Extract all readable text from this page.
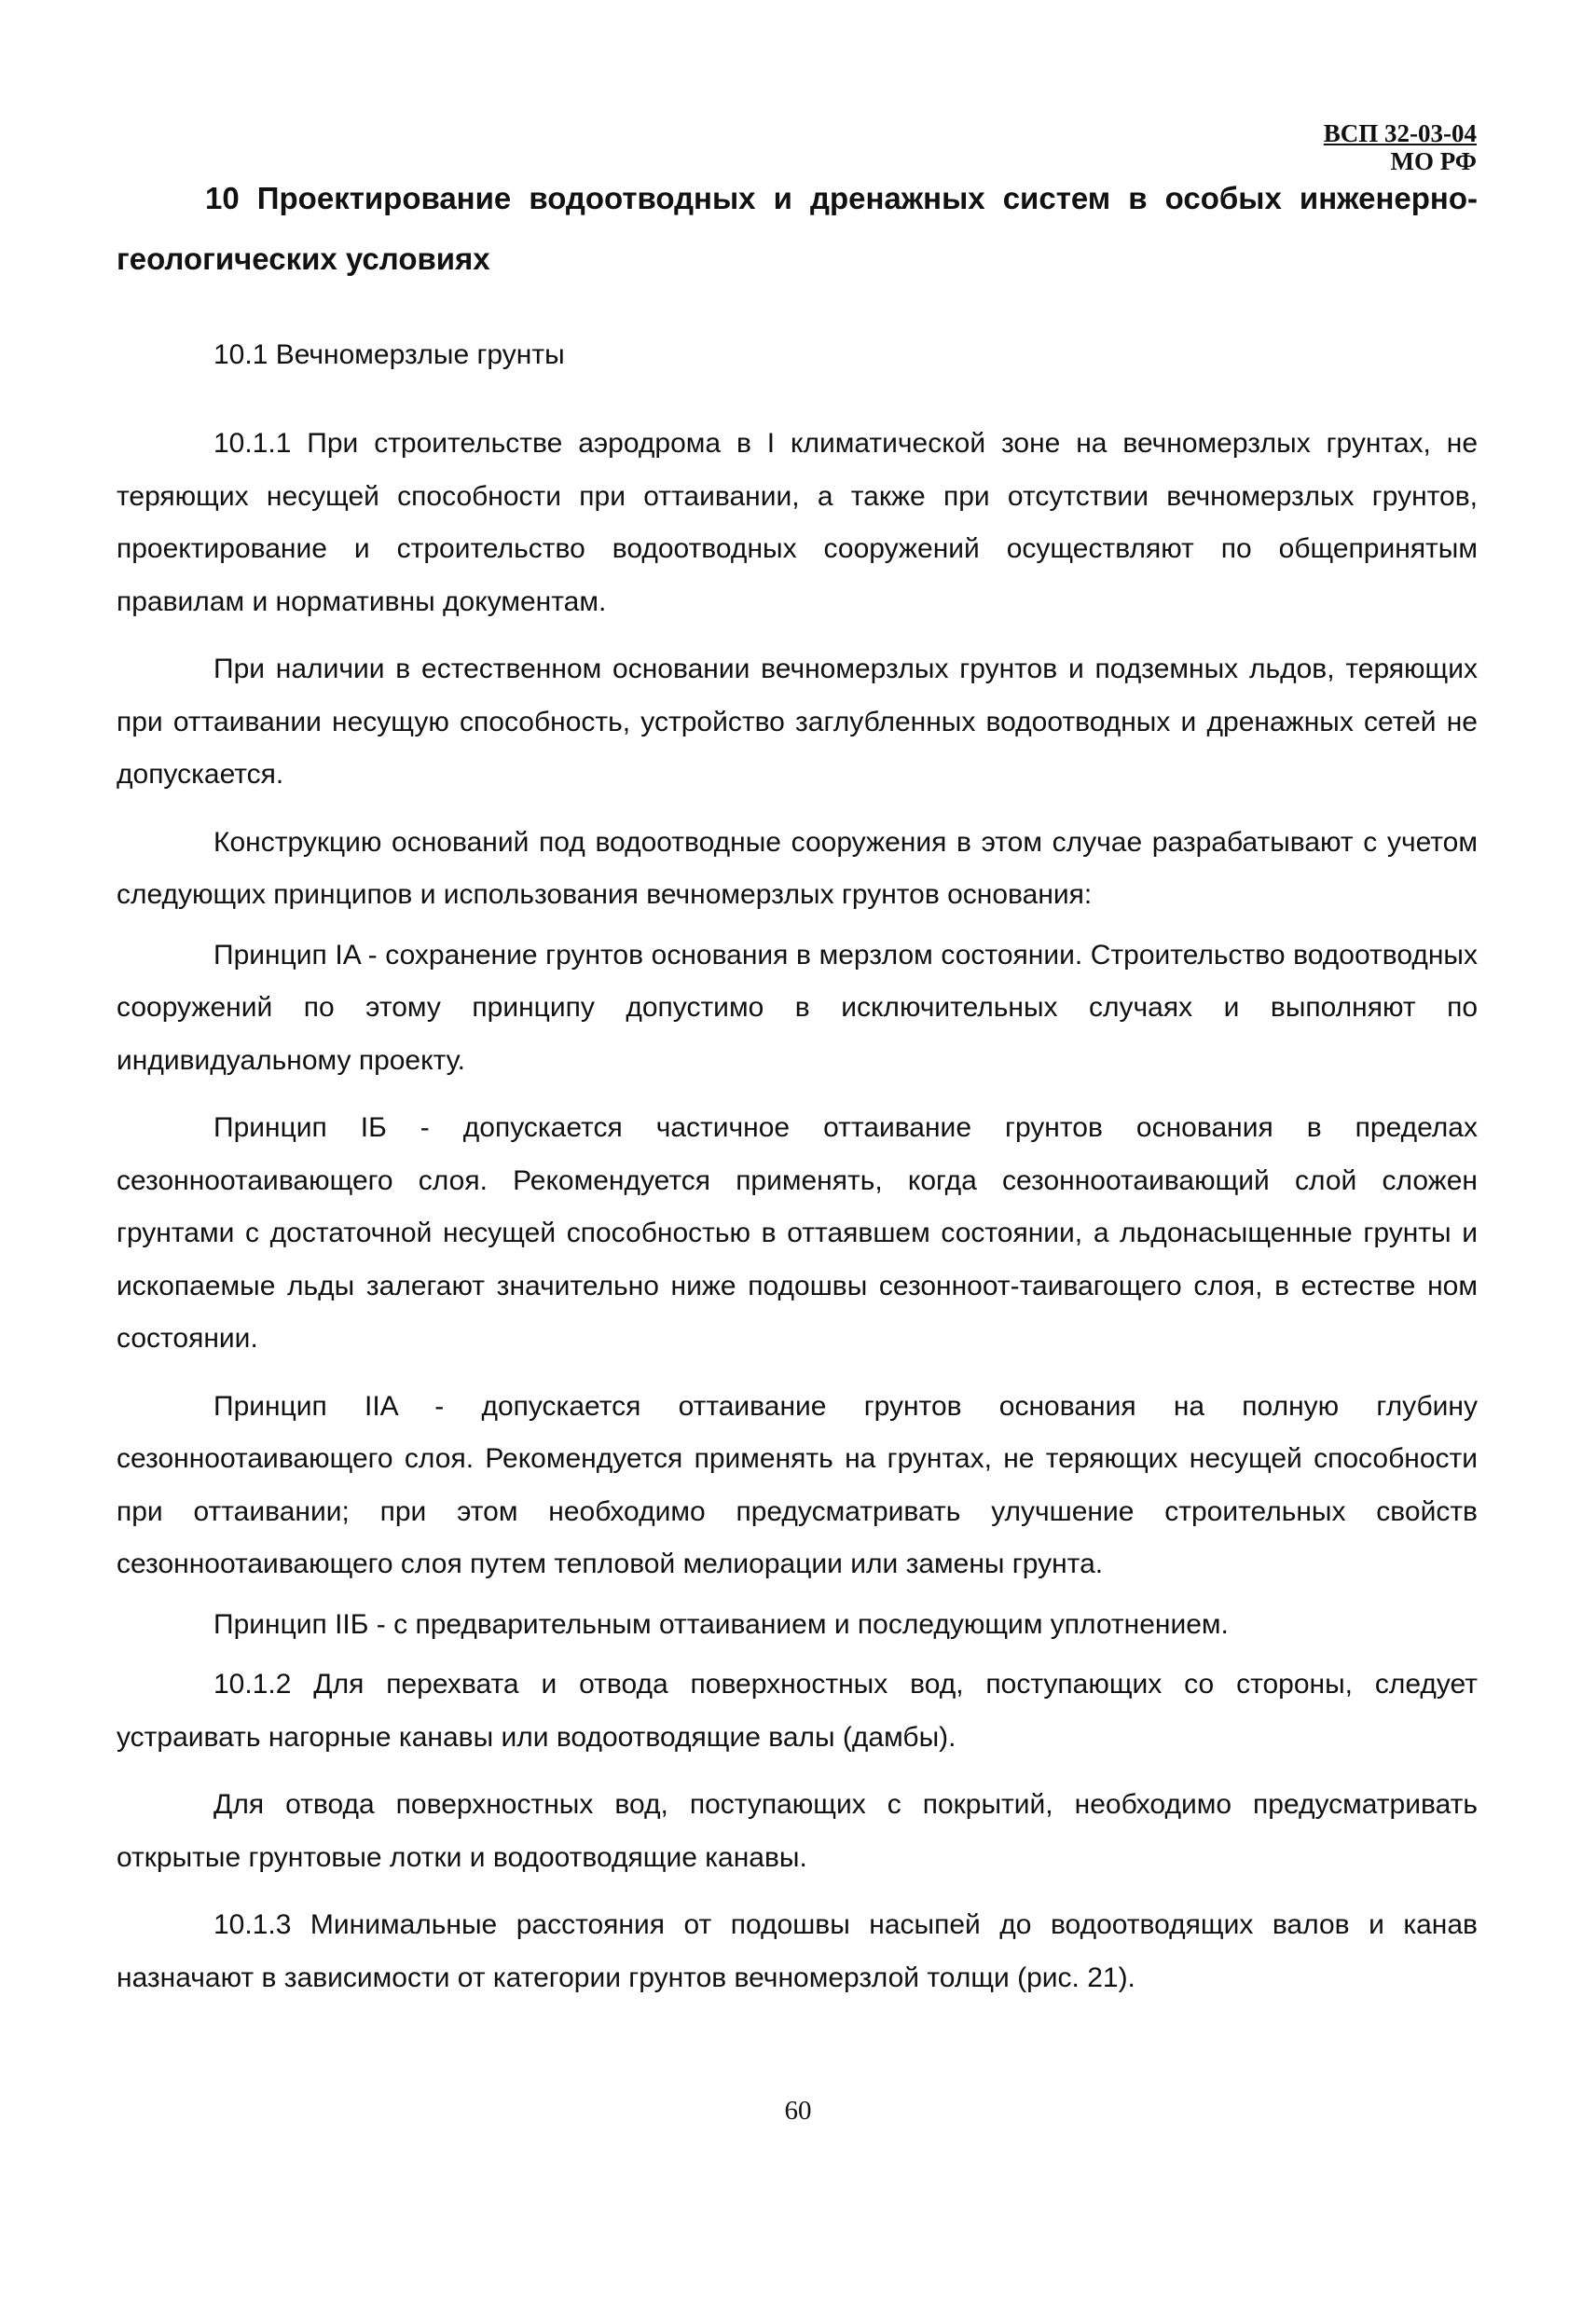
ВСП 32-03-04
МО РФ
10 Проектирование водоотводных и дренажных систем в особых инженерно-геологических условиях
10.1 Вечномерзлые грунты

10.1.1 При строительстве аэродрома в I климатической зоне на вечномерзлых грунтах, не теряющих несущей способности при оттаивании, а также при отсутствии вечномерзлых грунтов, проектирование и строительство водоотводных сооружений осуществляют по общепринятым правилам и нормативны документам.

При наличии в естественном основании вечномерзлых грунтов и подземных льдов, теряющих при оттаивании несущую способность, устройство заглубленных водоотводных и дренажных сетей не допускается.

Конструкцию оснований под водоотводные сооружения в этом случае разрабатывают с учетом следующих принципов и использования вечномерзлых грунтов основания:

Принцип IA - сохранение грунтов основания в мерзлом состоянии. Строительство водоотводных сооружений по этому принципу допустимо в исключительных случаях и выполняют по индивидуальному проекту.

Принцип IБ - допускается частичное оттаивание грунтов основания в пределах сезонноотаивающего слоя. Рекомендуется применять, когда сезонноотаивающий слой сложен грунтами с достаточной несущей способностью в оттаявшем состоянии, а льдонасыщенные грунты и ископаемые льды залегают значительно ниже подошвы сезонноот-таивагощего слоя, в естестве ном состоянии.

Принцип IIA - допускается оттаивание грунтов основания на полную глубину сезонноотаивающего слоя. Рекомендуется применять на грунтах, не теряющих несущей способности при оттаивании; при этом необходимо предусматривать улучшение строительных свойств сезонноотаивающего слоя путем тепловой мелиорации или замены грунта.

Принцип IIБ - с предварительным оттаиванием и последующим уплотнением.

10.1.2 Для перехвата и отвода поверхностных вод, поступающих со стороны, следует устраивать нагорные канавы или водоотводящие валы (дамбы).

Для отвода поверхностных вод, поступающих с покрытий, необходимо предусматривать открытые грунтовые лотки и водоотводящие канавы.

10.1.3 Минимальные расстояния от подошвы насыпей до водоотводящих валов и канав назначают в зависимости от категории грунтов вечномерзлой толщи (рис. 21).

60
